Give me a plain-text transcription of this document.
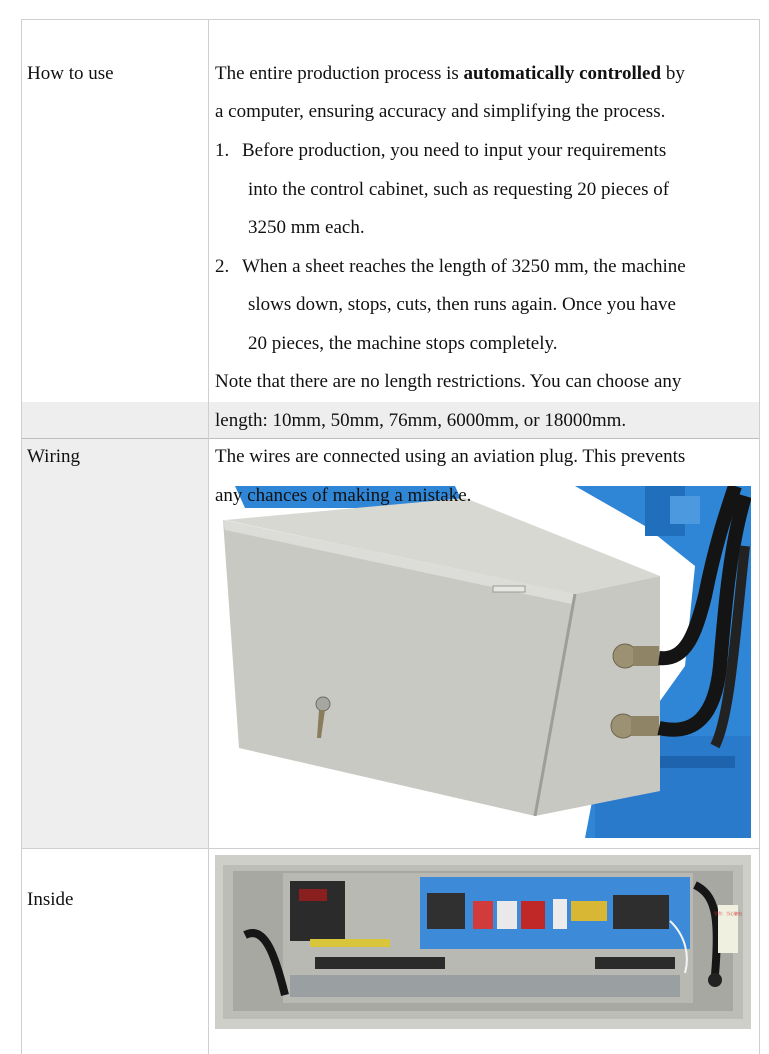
How to use	The entire production process is automatically controlled by
a computer, ensuring accuracy and simplifying the process.
1. Before production, you need to input your requirements
into the control cabinet, such as requesting 20 pieces of
3250 mm each.
2. When a sheet reaches the length of 3250 mm, the machine
slows down, stops, cuts, then runs again. Once you have
20 pieces, the machine stops completely.
Note that there are no length restrictions. You can choose any
length: 10mm, 50mm, 76mm, 6000mm, or 18000mm.
Wiring	The wires are connected using an aviation plug. This prevents
any chances of making a mistake.
Inside
警告：当心触电
